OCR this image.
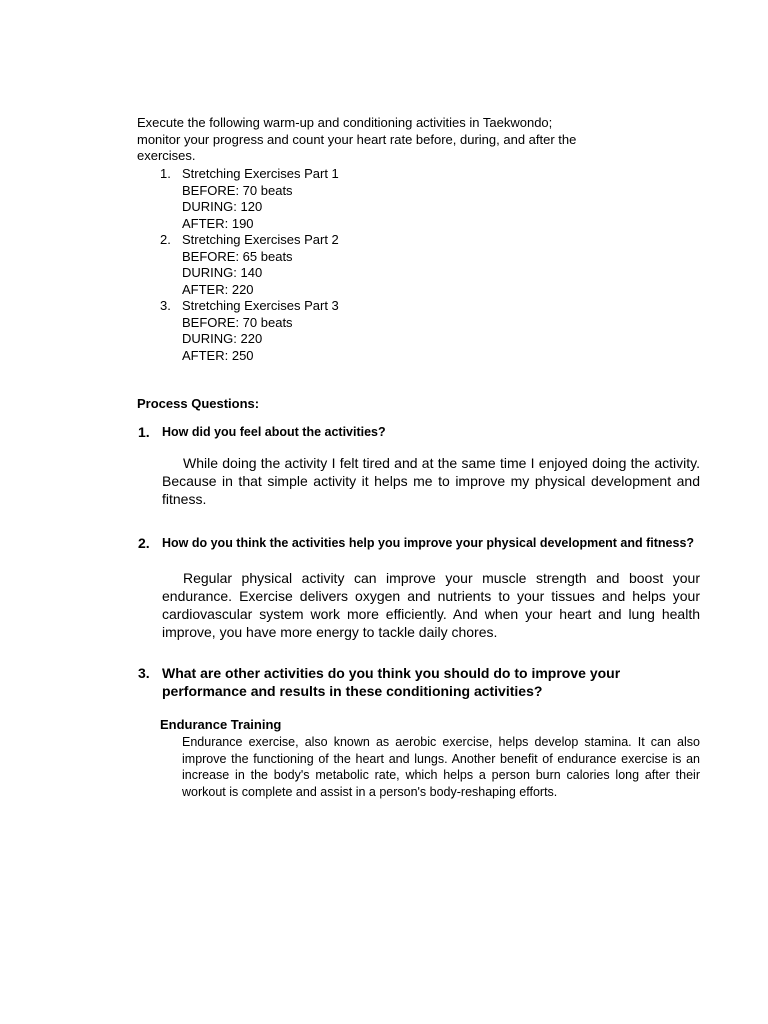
Execute the following warm-up and conditioning activities in Taekwondo;
monitor your progress and count your heart rate before, during, and after the
exercises.
1. Stretching Exercises Part 1
BEFORE: 70 beats
DURING: 120
AFTER: 190
2. Stretching Exercises Part 2
BEFORE: 65 beats
DURING: 140
AFTER: 220
3. Stretching Exercises Part 3
BEFORE: 70 beats
DURING: 220
AFTER: 250
Process Questions:
1. How did you feel about the activities?
While doing the activity I felt tired and at the same time I enjoyed doing the activity. Because in that simple activity it helps me to improve my physical development and fitness.
2. How do you think the activities help you improve your physical development and fitness?
Regular physical activity can improve your muscle strength and boost your endurance. Exercise delivers oxygen and nutrients to your tissues and helps your cardiovascular system work more efficiently. And when your heart and lung health improve, you have more energy to tackle daily chores.
3. What are other activities do you think you should do to improve your performance and results in these conditioning activities?
Endurance Training
Endurance exercise, also known as aerobic exercise, helps develop stamina. It can also improve the functioning of the heart and lungs. Another benefit of endurance exercise is an increase in the body's metabolic rate, which helps a person burn calories long after their workout is complete and assist in a person's body-reshaping efforts.
